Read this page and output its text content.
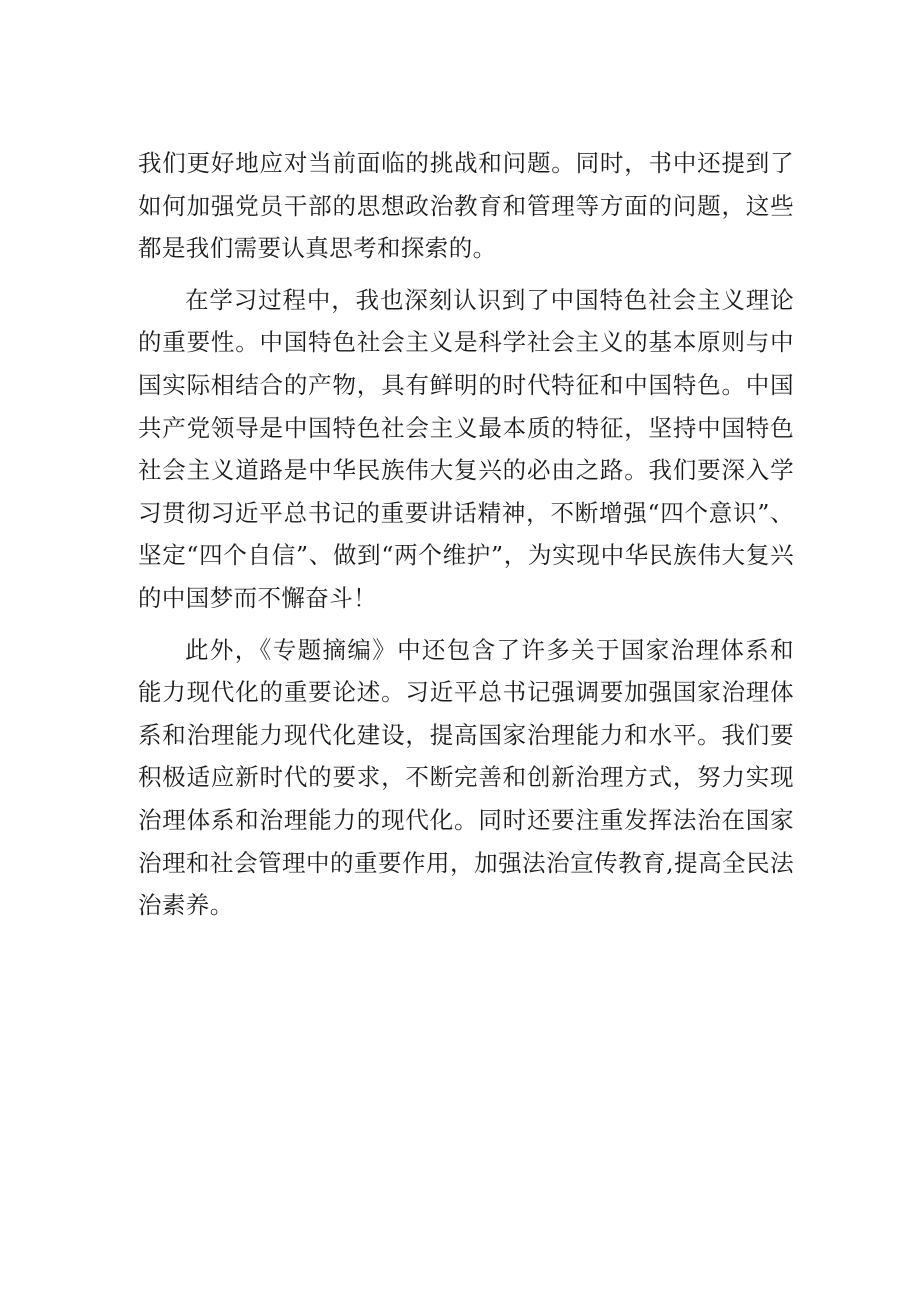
我们更好地应对当前面临的挑战和问题。同时，书中还提到了如何加强党员干部的思想政治教育和管理等方面的问题，这些都是我们需要认真思考和探索的。

在学习过程中，我也深刻认识到了中国特色社会主义理论的重要性。中国特色社会主义是科学社会主义的基本原则与中国实际相结合的产物，具有鲜明的时代特征和中国特色。中国共产党领导是中国特色社会主义最本质的特征，坚持中国特色社会主义道路是中华民族伟大复兴的必由之路。我们要深入学习贯彻习近平总书记的重要讲话精神，不断增强“四个意识”、坚定“四个自信”、做到“两个维护”，为实现中华民族伟大复兴的中国梦而不懈奋斗！

此外，《专题摘编》中还包含了许多关于国家治理体系和能力现代化的重要论述。习近平总书记强调要加强国家治理体系和治理能力现代化建设，提高国家治理能力和水平。我们要积极适应新时代的要求，不断完善和创新治理方式，努力实现治理体系和治理能力的现代化。同时还要注重发挥法治在国家治理和社会管理中的重要作用，加强法治宣传教育,提高全民法治素养。
